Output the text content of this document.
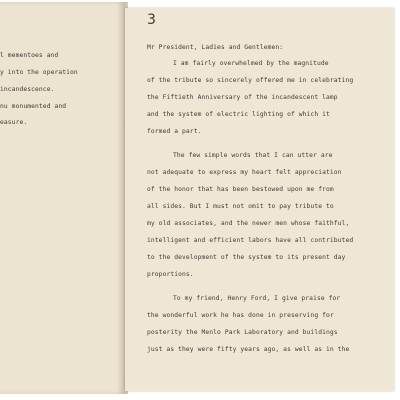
l mementoes and
y into the operation
incandescence.
nu monumented and
easure.
3
Mr President, Ladies and Gentlemen:
I am fairly overwhelmed by the magnitude
of the tribute so sincerely offered me in celebrating
the Fiftieth Anniversary of the incandescent lamp
and the system of electric lighting of which it
formed a part.
The few simple words that I can utter are
not adequate to express my heart felt appreciation
of the honor that has been bestowed upon me from
all sides. But I must not omit to pay tribute to
my old associates, and the newer men whose faithful,
intelligent and efficient labors have all contributed
to the development of the system to its present day
proportions.
To my friend, Henry Ford, I give praise for
the wonderful work he has done in preserving for
posterity the Menlo Park Laboratory and buildings
just as they were fifty years ago, as well as in the
